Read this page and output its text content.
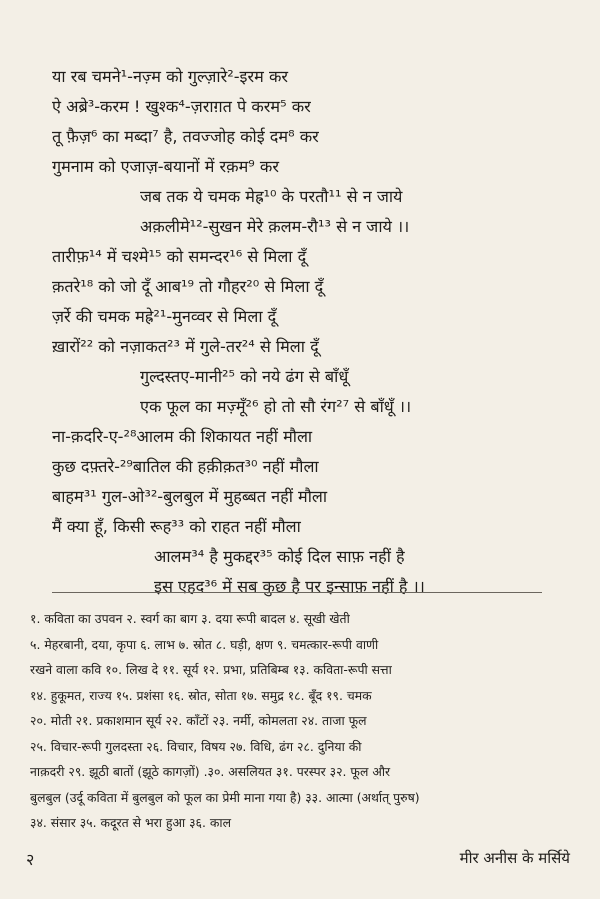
या रब चमने¹-नज़्म को गुल्ज़ारे²-इरम कर
ऐ अब्रे³-करम ! खुश्क⁴-ज़राग़त पे करम⁵ कर
तू फ़ैज़⁶ का मब्दा⁷ है, तवज्जोह कोई दम⁸ कर
गुमनाम को एजाज़-बयानों में रक़म⁹ कर
जब तक ये चमक मेह्र¹⁰ के परतौ¹¹ से न जाये
अक़लीमे¹²-सुखन मेरे क़लम-रौ¹³ से न जाये ।।
तारीफ़¹⁴ में चश्मे¹⁵ को समन्दर¹⁶ से मिला दूँ
क़तरे¹⁸ को जो दूँ आब¹⁹ तो गौहर²⁰ से मिला दूँ
ज़र्रे की चमक मह्रे²¹-मुनव्वर से मिला दूँ
ख़ारों²² को नज़ाकत²³ में गुले-तर²⁴ से मिला दूँ
गुल्दस्तए-मानी²⁵ को नये ढंग से बाँधूँ
एक फूल का मज़्मूँ²⁶ हो तो सौ रंग²⁷ से बाँधूँ ।।
ना-क़दरि-ए-²⁸आलम की शिकायत नहीं मौला
कुछ दफ़्तरे-²⁹बातिल की हक़ीक़त³⁰ नहीं मौला
बाहम³¹ गुल-ओ³²-बुलबुल में मुहब्बत नहीं मौला
मैं क्या हूँ, किसी रूह³³ को राहत नहीं मौला
आलम³⁴ है मुकद्दर³⁵ कोई दिल साफ़ नहीं है
इस एहद³⁶ में सब कुछ है पर इन्साफ़ नहीं है ।।
१. कविता का उपवन २. स्वर्ग का बाग ३. दया रूपी बादल ४. सूखी खेती
५. मेहरबानी, दया, कृपा ६. लाभ ७. स्रोत ८. घड़ी, क्षण ९. चमत्कार-रूपी वाणी
रखने वाला कवि १०. लिख दे ११. सूर्य १२. प्रभा, प्रतिबिम्ब १३. कविता-रूपी सत्ता
१४. हुकूमत, राज्य १५. प्रशंसा १६. स्रोत, सोता १७. समुद्र १८. बूँद १९. चमक
२०. मोती २१. प्रकाशमान सूर्य २२. काँटों २३. नर्मी, कोमलता २४. ताजा फूल
२५. विचार-रूपी गुलदस्ता २६. विचार, विषय २७. विधि, ढंग २८. दुनिया की
नाक़दरी २९. झूठी बातों (झूठे कागज़ों) .३०. असलियत ३१. परस्पर ३२. फूल और
बुलबुल (उर्दू कविता में बुलबुल को फूल का प्रेमी माना गया है) ३३. आत्मा (अर्थात् पुरुष)
३४. संसार ३५. कदूरत से भरा हुआ ३६. काल
२	मीर अनीस के मर्सिये
